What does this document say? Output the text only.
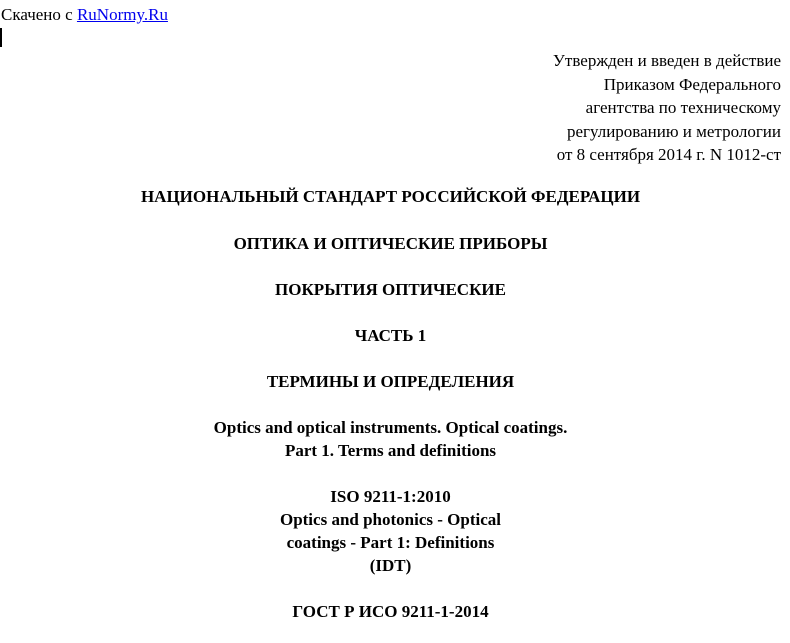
Скачено с RuNormy.Ru
Утвержден и введен в действие
Приказом Федерального
агентства по техническому
регулированию и метрологии
от 8 сентября 2014 г. N 1012-ст
НАЦИОНАЛЬНЫЙ СТАНДАРТ РОССИЙСКОЙ ФЕДЕРАЦИИ
ОПТИКА И ОПТИЧЕСКИЕ ПРИБОРЫ
ПОКРЫТИЯ ОПТИЧЕСКИЕ
ЧАСТЬ 1
ТЕРМИНЫ И ОПРЕДЕЛЕНИЯ
Optics and optical instruments. Optical coatings.
Part 1. Terms and definitions
ISO 9211-1:2010
Optics and photonics - Optical
coatings - Part 1: Definitions
(IDT)
ГОСТ Р ИСО 9211-1-2014
